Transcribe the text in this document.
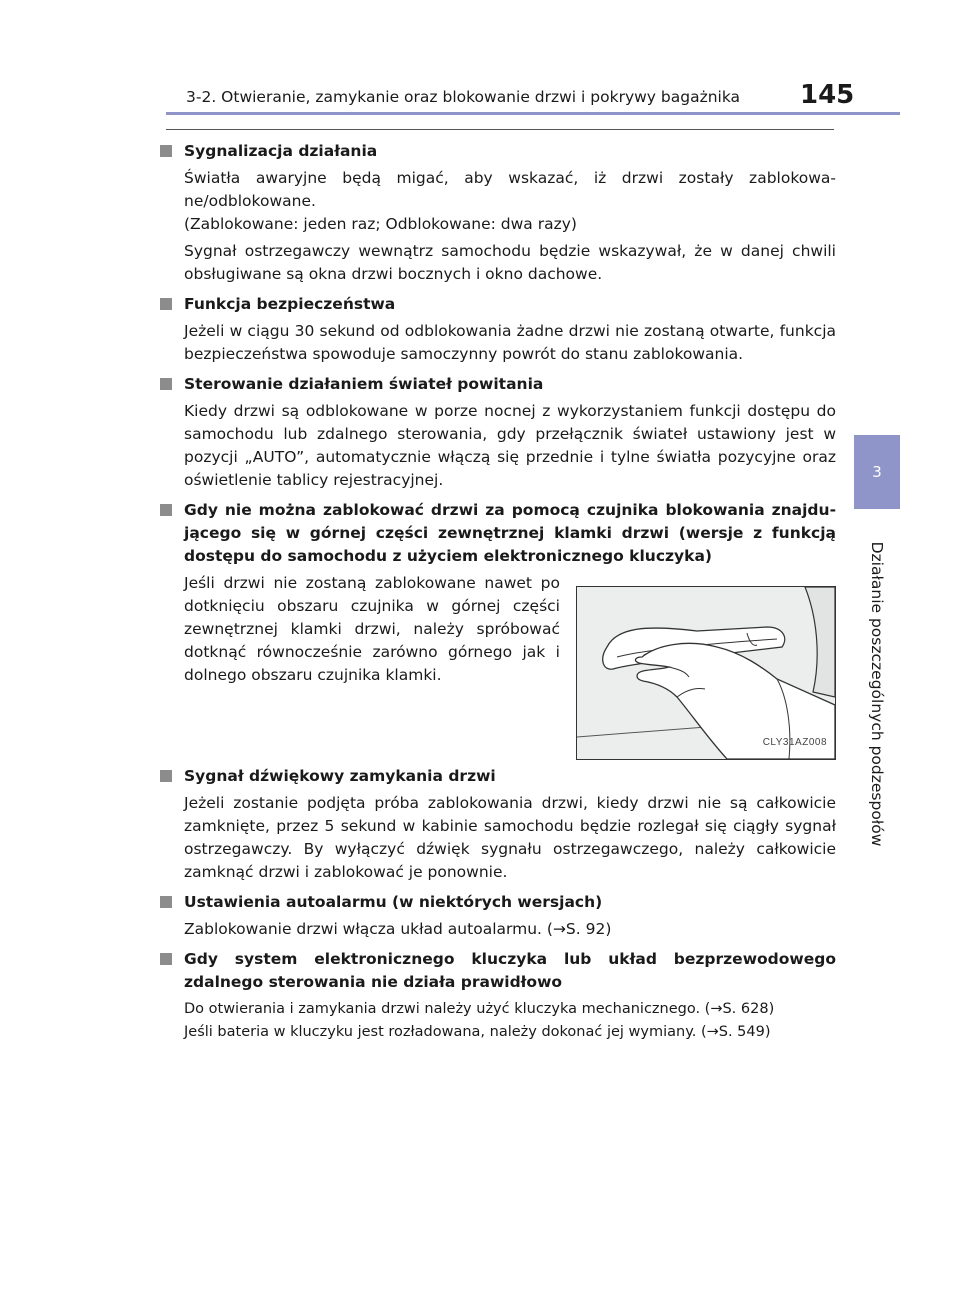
3-2. Otwieranie, zamykanie oraz blokowanie drzwi i pokrywy bagażnika 145
3
Działanie poszczególnych podzespołów
Sygnalizacja działania
Światła awaryjne będą migać, aby wskazać, iż drzwi zostały zablokowane/odblokowane.
(Zablokowane: jeden raz; Odblokowane: dwa razy)
Sygnał ostrzegawczy wewnątrz samochodu będzie wskazywał, że w danej chwili obsługiwane są okna drzwi bocznych i okno dachowe.
Funkcja bezpieczeństwa
Jeżeli w ciągu 30 sekund od odblokowania żadne drzwi nie zostaną otwarte, funkcja bezpieczeństwa spowoduje samoczynny powrót do stanu zablokowania.
Sterowanie działaniem świateł powitania
Kiedy drzwi są odblokowane w porze nocnej z wykorzystaniem funkcji dostępu do samochodu lub zdalnego sterowania, gdy przełącznik świateł ustawiony jest w pozycji „AUTO”, automatycznie włączą się przednie i tylne światła pozycyjne oraz oświetlenie tablicy rejestracyjnej.
Gdy nie można zablokować drzwi za pomocą czujnika blokowania znajdującego się w górnej części zewnętrznej klamki drzwi (wersje z funkcją dostępu do samochodu z użyciem elektronicznego kluczyka)
Jeśli drzwi nie zostaną zablokowane nawet po dotknięciu obszaru czujnika w górnej części zewnętrznej klamki drzwi, należy spróbować dotknąć równocześnie zarówno górnego jak i dolnego obszaru czujnika klamki.
CLY31AZ008
Sygnał dźwiękowy zamykania drzwi
Jeżeli zostanie podjęta próba zablokowania drzwi, kiedy drzwi nie są całkowicie zamknięte, przez 5 sekund w kabinie samochodu będzie rozlegał się ciągły sygnał ostrzegawczy. By wyłączyć dźwięk sygnału ostrzegawczego, należy całkowicie zamknąć drzwi i zablokować je ponownie.
Ustawienia autoalarmu (w niektórych wersjach)
Zablokowanie drzwi włącza układ autoalarmu. (→S. 92)
Gdy system elektronicznego kluczyka lub układ bezprzewodowego zdalnego sterowania nie działa prawidłowo
Do otwierania i zamykania drzwi należy użyć kluczyka mechanicznego. (→S. 628)
Jeśli bateria w kluczyku jest rozładowana, należy dokonać jej wymiany. (→S. 549)
